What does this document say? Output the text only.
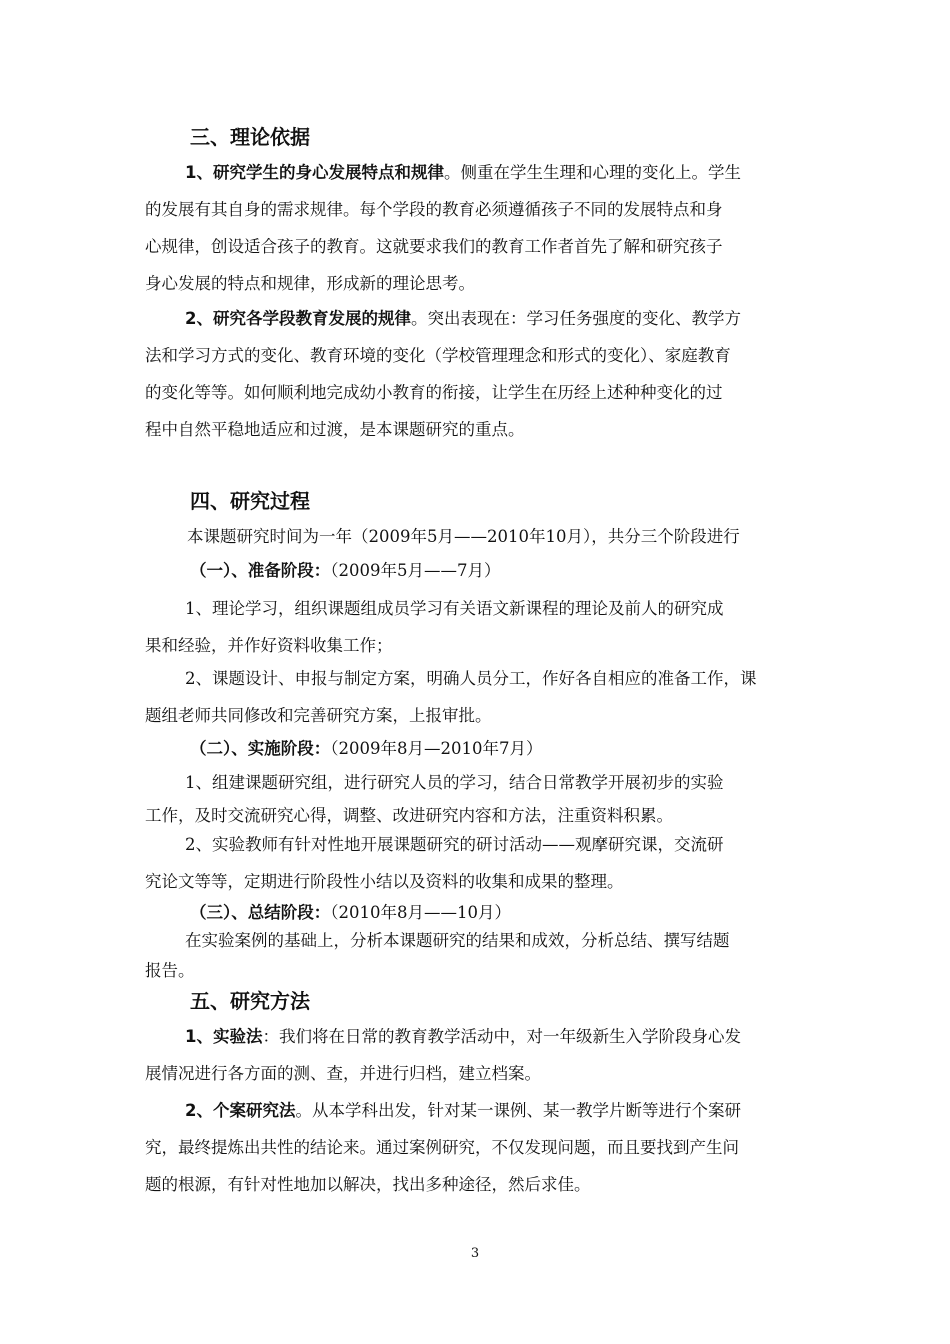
三、理论依据

1、研究学生的身心发展特点和规律。侧重在学生生理和心理的变化上。学生
的发展有其自身的需求规律。每个学段的教育必须遵循孩子不同的发展特点和身
心规律，创设适合孩子的教育。这就要求我们的教育工作者首先了解和研究孩子
身心发展的特点和规律，形成新的理论思考。

2、研究各学段教育发展的规律。突出表现在：学习任务强度的变化、教学方
法和学习方式的变化、教育环境的变化（学校管理理念和形式的变化）、家庭教育
的变化等等。如何顺利地完成幼小教育的衔接，让学生在历经上述种种变化的过
程中自然平稳地适应和过渡，是本课题研究的重点。

四、研究过程

本课题研究时间为一年（2009年5月——2010年10月），共分三个阶段进行

（一）、准备阶段：（2009年5月——7月）

1、理论学习，组织课题组成员学习有关语文新课程的理论及前人的研究成
果和经验，并作好资料收集工作；

2、课题设计、申报与制定方案，明确人员分工，作好各自相应的准备工作，课
题组老师共同修改和完善研究方案，上报审批。

（二）、实施阶段：（2009年8月—2010年7月）

1、组建课题研究组，进行研究人员的学习，结合日常教学开展初步的实验
工作，及时交流研究心得，调整、改进研究内容和方法，注重资料积累。

2、实验教师有针对性地开展课题研究的研讨活动——观摩研究课，交流研
究论文等等，定期进行阶段性小结以及资料的收集和成果的整理。

（三）、总结阶段：（2010年8月——10月）

在实验案例的基础上，分析本课题研究的结果和成效，分析总结、撰写结题
报告。

五、研究方法

1、实验法：我们将在日常的教育教学活动中，对一年级新生入学阶段身心发
展情况进行各方面的测、查，并进行归档，建立档案。

2、个案研究法。从本学科出发，针对某一课例、某一教学片断等进行个案研
究，最终提炼出共性的结论来。通过案例研究，不仅发现问题，而且要找到产生问
题的根源，有针对性地加以解决，找出多种途径，然后求佳。

3
